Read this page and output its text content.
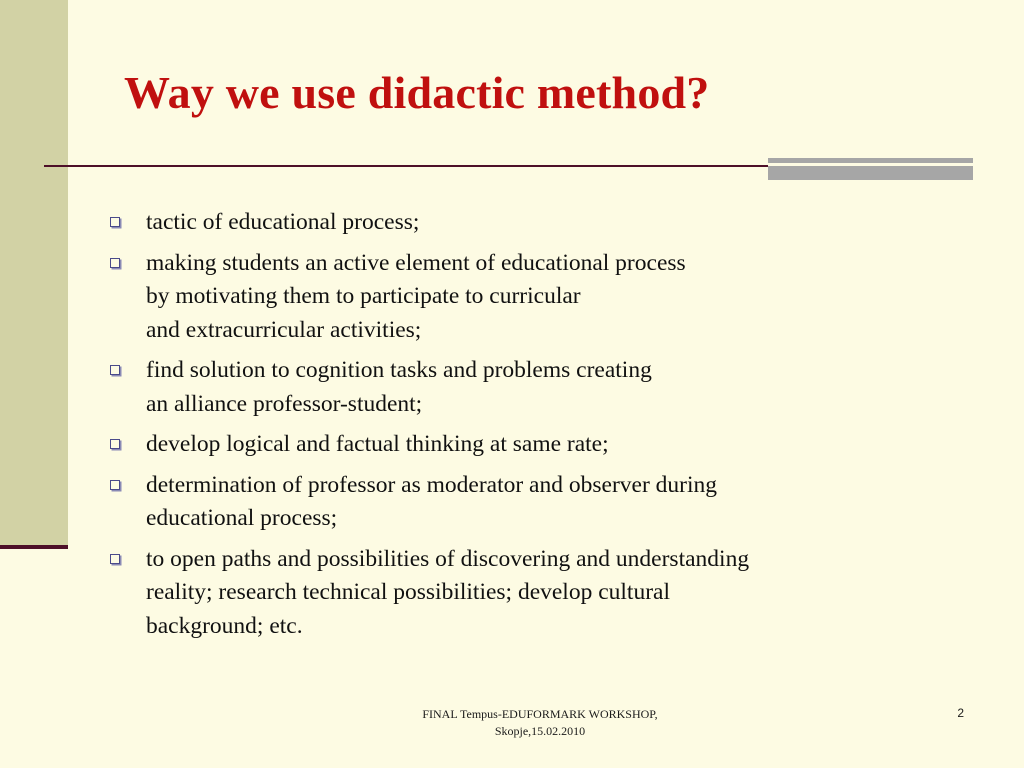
Way we use didactic method?
tactic of educational process;
making students an active element of educational process
by motivating them to participate to curricular
and extracurricular activities;
find solution to cognition tasks and problems creating
an alliance professor-student;
develop logical and factual thinking at same rate;
determination of professor as moderator and observer during
educational process;
to open paths and possibilities of discovering and understanding
reality; research technical possibilities; develop cultural
background; etc.
FINAL Tempus-EDUFORMARK WORKSHOP,
Skopje,15.02.2010
2
